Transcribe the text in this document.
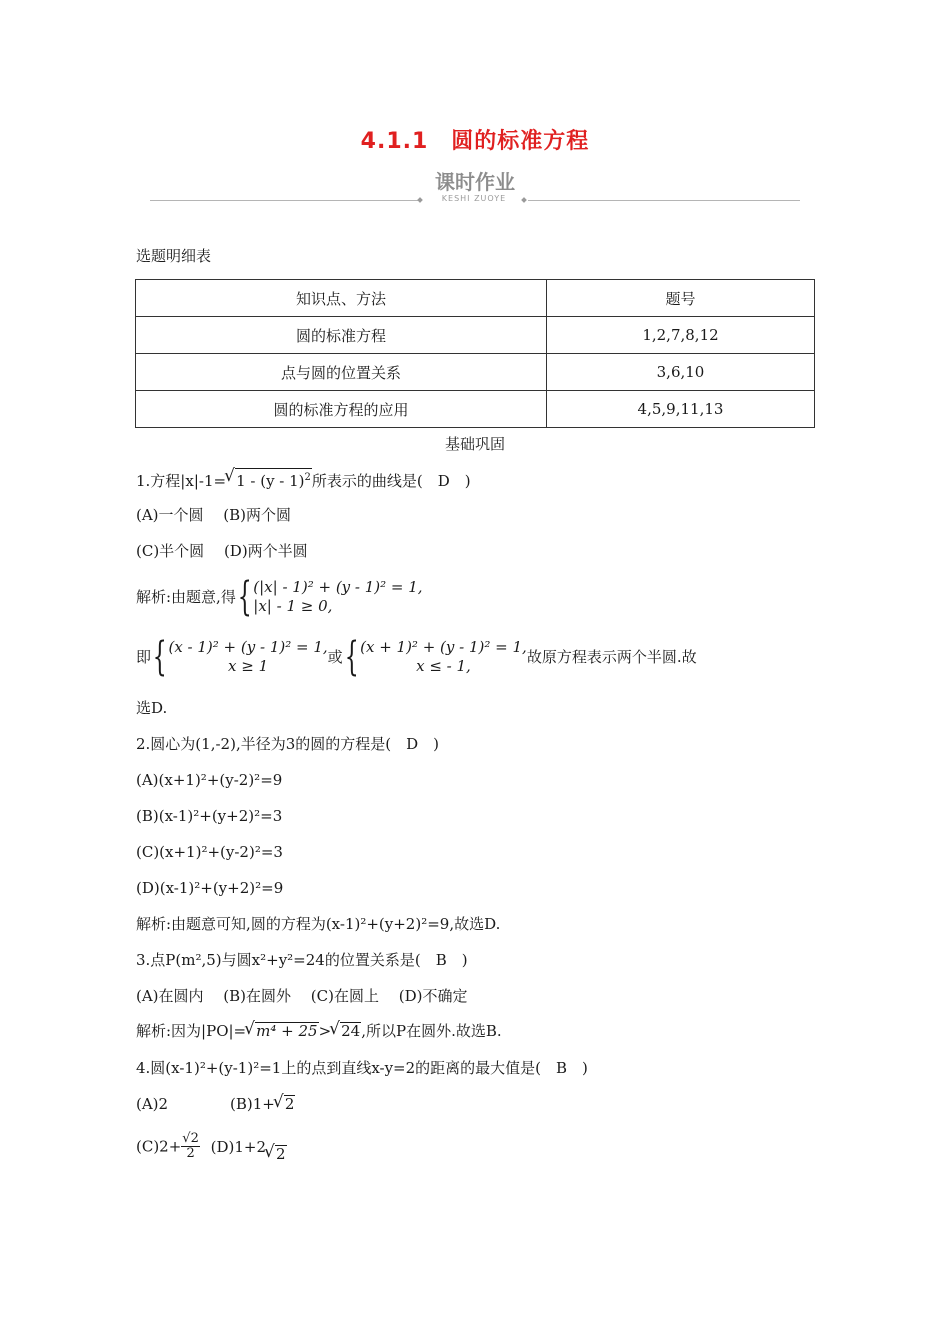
4.1.1　圆的标准方程
课时作业
KESHI ZUOYE
选题明细表
知识点、方法	题号
圆的标准方程	1,2,7,8,12
点与圆的位置关系	3,6,10
圆的标准方程的应用	4,5,9,11,13
基础巩固
1.方程|x|-1= √ 1 - (y - 1)$^2$所表示的曲线是(　D　)
(A)一个圆　 (B)两个圆
(C)半个圆　 (D)两个半圆
解析:由题意,得{ (|x| - 1)² + (y - 1)² = 1,
|x| - 1 ≥ 0,
即{ (x - 1)² + (y - 1)² = 1,
x ≥ 1	或{ (x + 1)² + (y - 1)² = 1,
x ≤ - 1,	故原方程表示两个半圆.故
选D.
2.圆心为(1,-2),半径为3的圆的方程是(　D　)
(A)(x+1)²+(y-2)²=9
(B)(x-1)²+(y+2)²=3
(C)(x+1)²+(y-2)²=3
(D)(x-1)²+(y+2)²=9
解析:由题意可知,圆的方程为(x-1)²+(y+2)²=9,故选D.
3.点P(m²,5)与圆x²+y²=24的位置关系是(　B　)
(A)在圆内　 (B)在圆外　 (C)在圆上　 (D)不确定
解析:因为|PO|= √ m⁴ + 25> √ 24,所以P在圆外.故选B.
4.圆(x-1)²+(y-1)²=1上的点到直线x-y=2的距离的最大值是(　B　)
(A)2	(B)1+ √ 2
$(C)2+ \frac{√2}{2} (D)1+2$ √ 2
